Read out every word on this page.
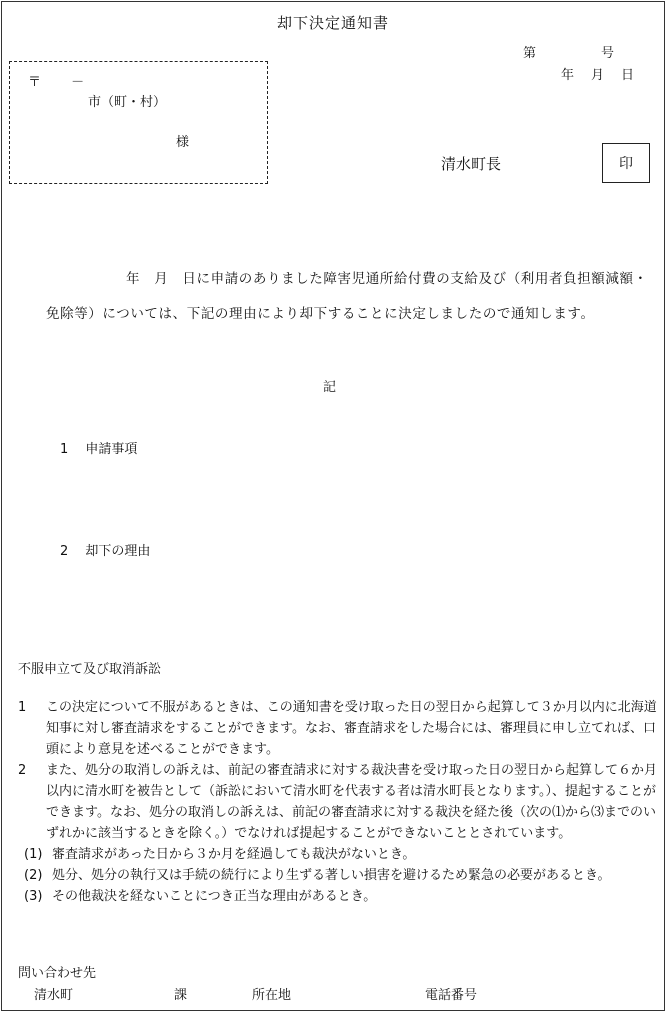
却下決定通知書
第　　　　　号
年　月　日
〒　　 －
市（町・村）
様
清水町長	印
年　月　日に申請のありました障害児通所給付費の支給及び（利用者負担額減額・免除等）については、下記の理由により却下することに決定しましたので通知します。
記
1　 申請事項
2　 却下の理由
不服申立て及び取消訴訟
1	この決定について不服があるときは、この通知書を受け取った日の翌日から起算して３か月以内に北海道知事に対し審査請求をすることができます。なお、審査請求をした場合には、審理員に申し立てれば、口頭により意見を述べることができます。
2	また、処分の取消しの訴えは、前記の審査請求に対する裁決書を受け取った日の翌日から起算して６か月以内に清水町を被告として（訴訟において清水町を代表する者は清水町長となります。）、提起することができます。なお、処分の取消しの訴えは、前記の審査請求に対する裁決を経た後（次の⑴から⑶までのいずれかに該当するときを除く。）でなければ提起することができないこととされています。
(1) 審査請求があった日から３か月を経過しても裁決がないとき。
(2) 処分、処分の執行又は手続の続行により生ずる著しい損害を避けるため緊急の必要があるとき。
(3) その他裁決を経ないことにつき正当な理由があるとき。
問い合わせ先
清水町	課	所在地	電話番号
